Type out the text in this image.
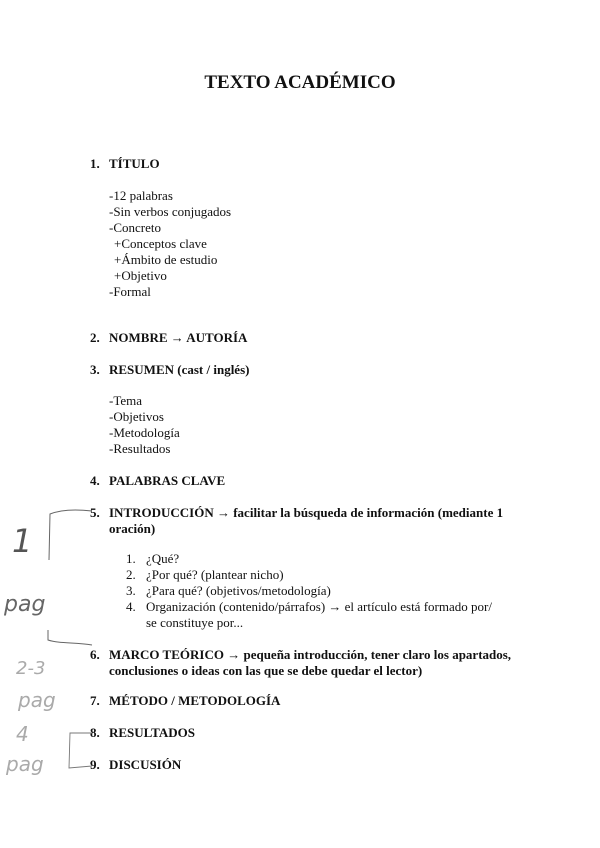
TEXTO ACADÉMICO
1. TÍTULO
-12 palabras
-Sin verbos conjugados
-Concreto
+Conceptos clave
+Ámbito de estudio
+Objetivo
-Formal
2. NOMBRE → AUTORÍA
3. RESUMEN (cast / inglés)
-Tema
-Objetivos
-Metodología
-Resultados
4. PALABRAS CLAVE
5. INTRODUCCIÓN → facilitar la búsqueda de información (mediante 1
oración)
1. ¿Qué?
2. ¿Por qué? (plantear nicho)
3. ¿Para qué? (objetivos/metodología)
4. Organización (contenido/párrafos) → el artículo está formado por/
se constituye por...
6. MARCO TEÓRICO → pequeña introducción, tener claro los apartados,
conclusiones o ideas con las que se debe quedar el lector)
7. MÉTODO / METODOLOGÍA
8. RESULTADOS
9. DISCUSIÓN
1
pag
2-3
pag
4
pag
